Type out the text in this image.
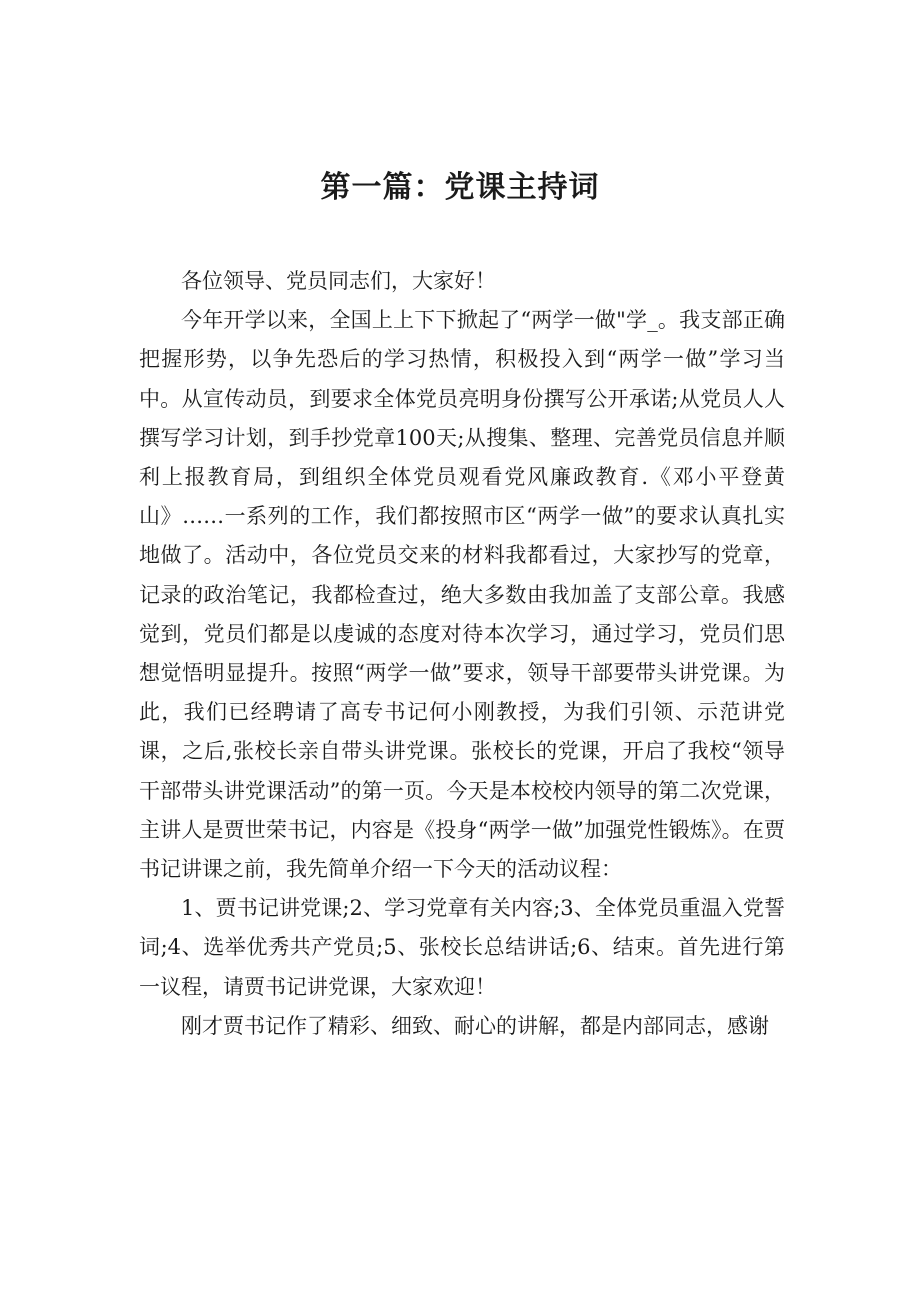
第一篇：党课主持词

各位领导、党员同志们，大家好！

今年开学以来，全国上上下下掀起了“两学一做"学_。我支部正确把握形势，以争先恐后的学习热情，积极投入到“两学一做”学习当中。从宣传动员，到要求全体党员亮明身份撰写公开承诺;从党员人人撰写学习计划，到手抄党章100天;从搜集、整理、完善党员信息并顺利上报教育局，到组织全体党员观看党风廉政教育.《邓小平登黄山》……一系列的工作，我们都按照市区“两学一做”的要求认真扎实地做了。活动中，各位党员交来的材料我都看过，大家抄写的党章，记录的政治笔记，我都检查过，绝大多数由我加盖了支部公章。我感觉到，党员们都是以虔诚的态度对待本次学习，通过学习，党员们思想觉悟明显提升。按照“两学一做”要求，领导干部要带头讲党课。为此，我们已经聘请了高专书记何小刚教授，为我们引领、示范讲党课，之后,张校长亲自带头讲党课。张校长的党课，开启了我校“领导干部带头讲党课活动”的第一页。今天是本校校内领导的第二次党课，主讲人是贾世荣书记，内容是《投身“两学一做”加强党性锻炼》。在贾书记讲课之前，我先简单介绍一下今天的活动议程：

1、贾书记讲党课;2、学习党章有关内容;3、全体党员重温入党誓词;4、选举优秀共产党员;5、张校长总结讲话;6、结束。首先进行第一议程，请贾书记讲党课，大家欢迎！

刚才贾书记作了精彩、细致、耐心的讲解，都是内部同志，感谢
